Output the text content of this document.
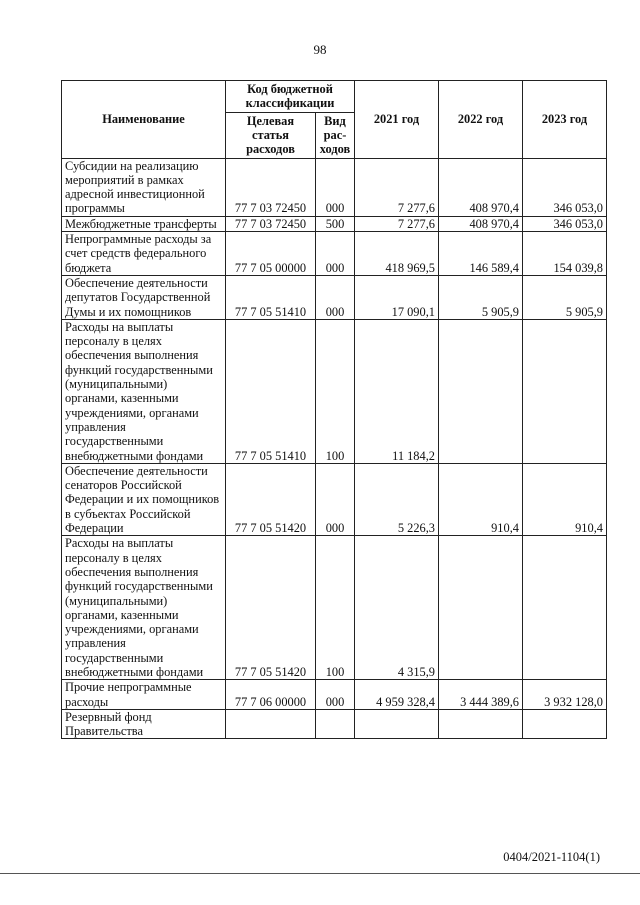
98
Наименование	Код бюджетной классификации		2021 год	2022 год	2023 год
	Целевая статья расходов	Вид рас-ходов			
Субсидии на реализацию мероприятий в рамках адресной инвестиционной программы	77 7 03 72450	000	7 277,6	408 970,4	346 053,0
Межбюджетные трансферты	77 7 03 72450	500	7 277,6	408 970,4	346 053,0
Непрограммные расходы за счет средств федерального бюджета	77 7 05 00000	000	418 969,5	146 589,4	154 039,8
Обеспечение деятельности депутатов Государственной Думы и их помощников	77 7 05 51410	000	17 090,1	5 905,9	5 905,9
Расходы на выплаты персоналу в целях обеспечения выполнения функций государственными (муниципальными) органами, казенными учреждениями, органами управления государственными внебюджетными фондами	77 7 05 51410	100	11 184,2		
Обеспечение деятельности сенаторов Российской Федерации и их помощников в субъектах Российской Федерации	77 7 05 51420	000	5 226,3	910,4	910,4
Расходы на выплаты персоналу в целях обеспечения выполнения функций государственными (муниципальными) органами, казенными учреждениями, органами управления государственными внебюджетными фондами	77 7 05 51420	100	4 315,9		
Прочие непрограммные расходы	77 7 06 00000	000	4 959 328,4	3 444 389,6	3 932 128,0
Резервный фонд Правительства					
0404/2021-1104(1)
